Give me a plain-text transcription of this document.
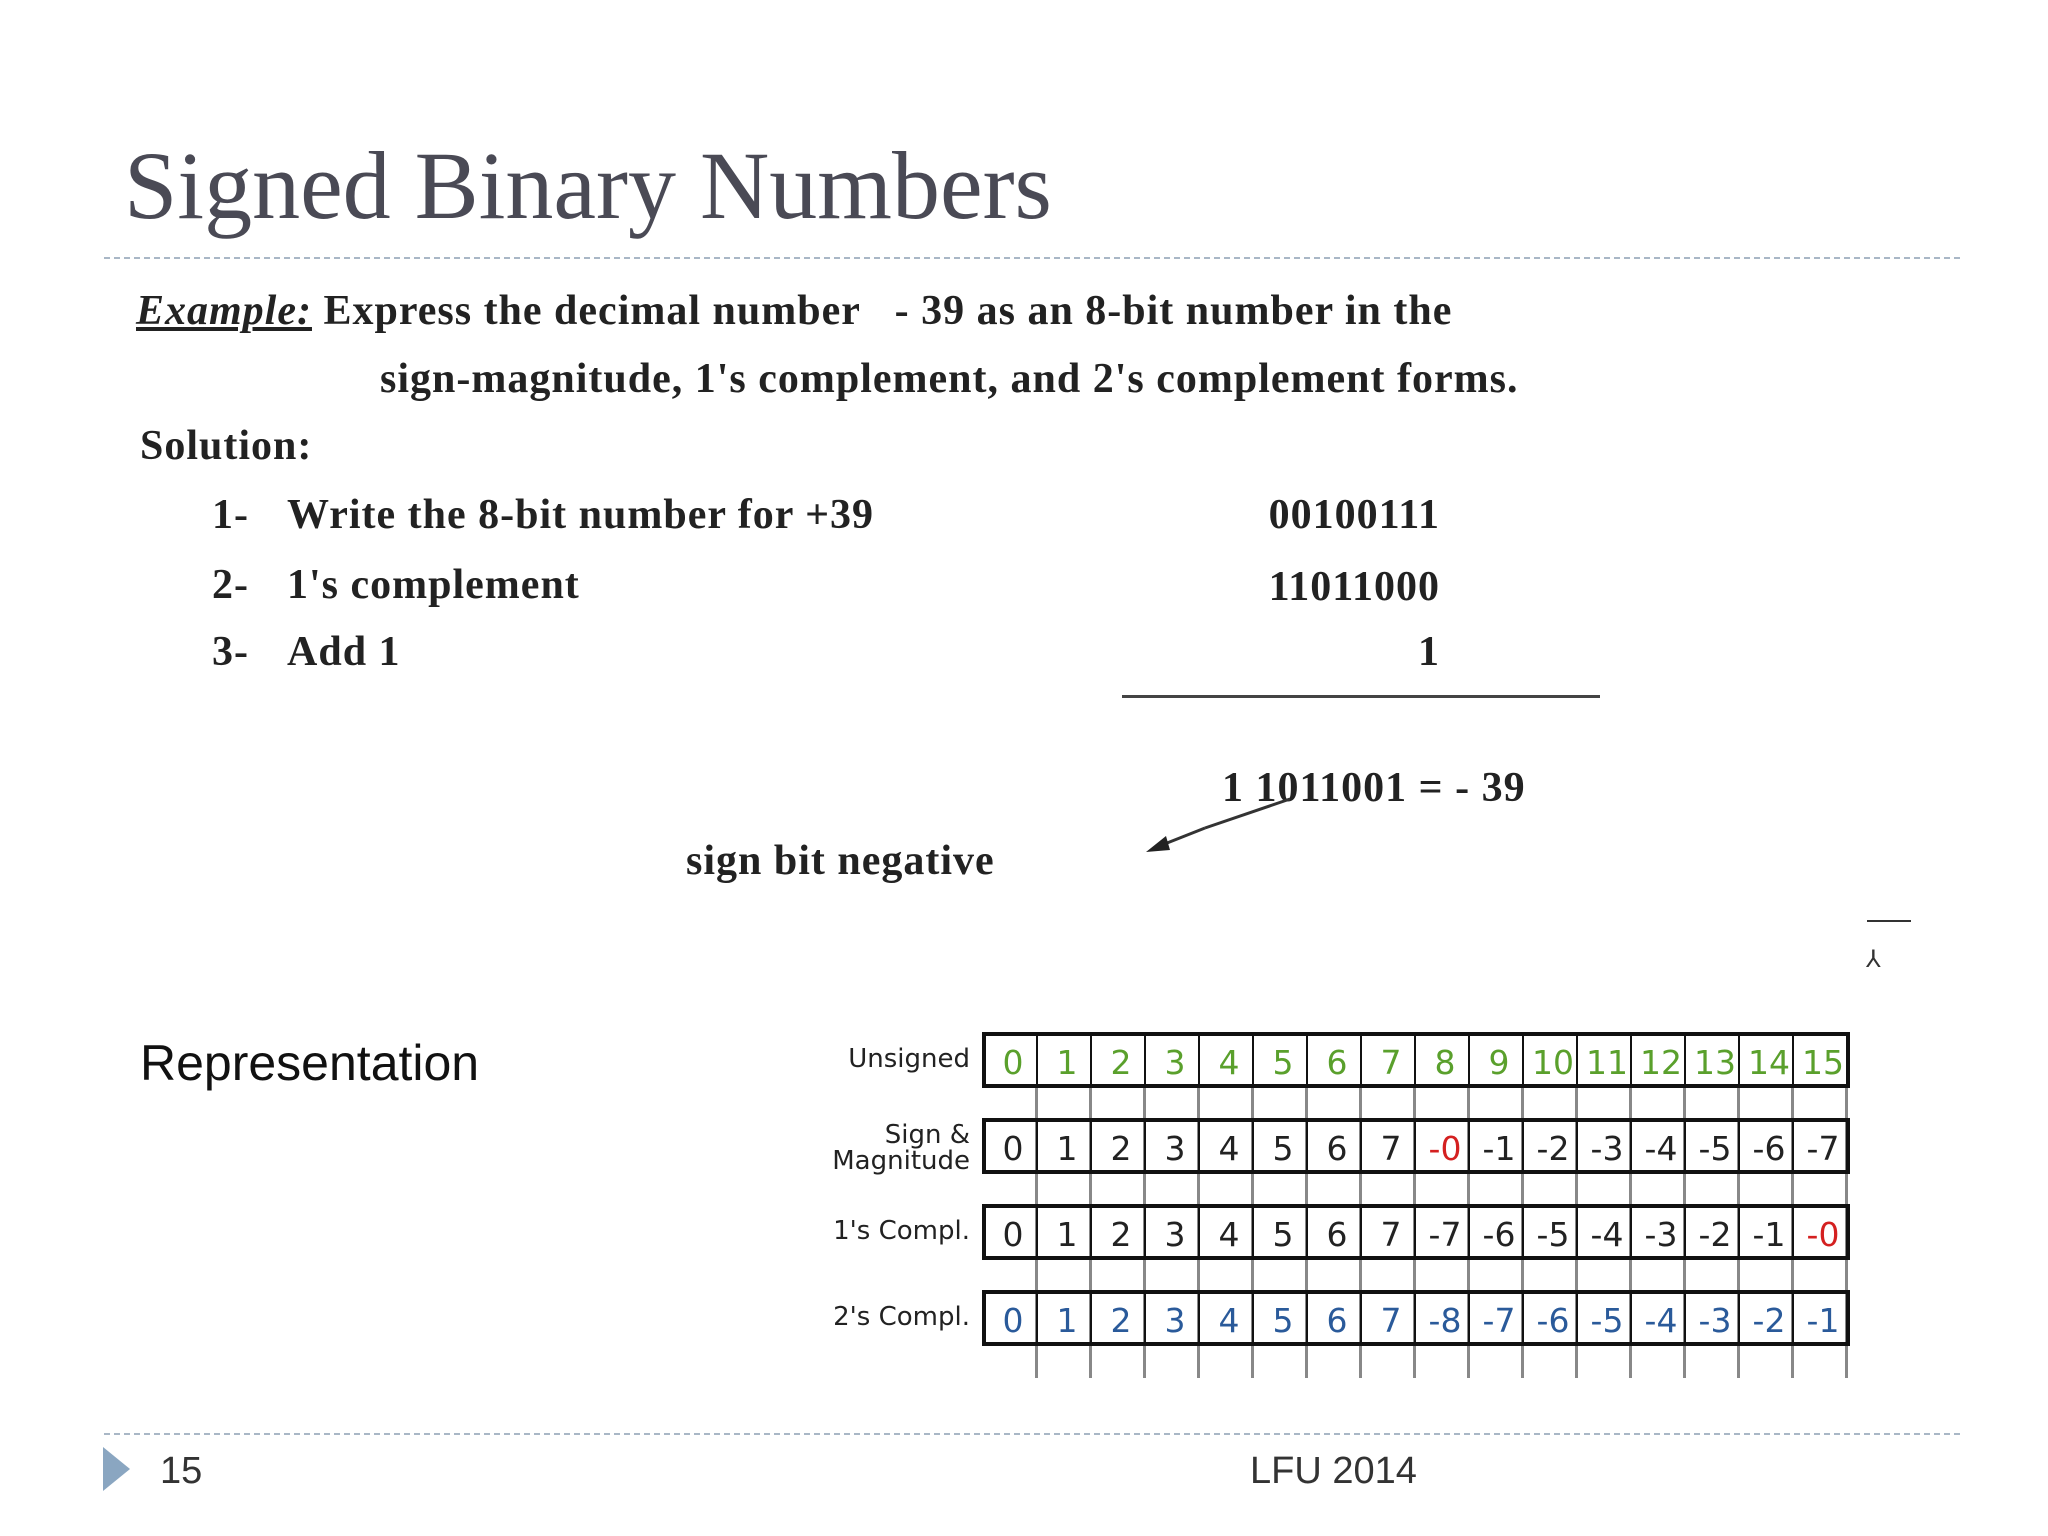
Signed Binary Numbers
Example: Express the decimal number   - 39 as an 8-bit number in the
sign-magnitude, 1's complement, and 2's complement forms.
Solution:
1- Write the 8-bit number for +39	00100111
2- 1's complement	11011000
3- Add 1	1
1 1011001 = - 39
sign bit negative
⅄
Representation	Unsigned 0	1	2	3	4	5	6	7	8	9 10 11 12 13 14 15
Sign &
Magnitude 0	1	2	3	4	5	6	7 -0 -1 -2 -3 -4 -5 -6 -7
1's Compl. 0	1	2	3	4	5	6	7 -7 -6 -5 -4 -3 -2 -1 -0
2's Compl. 0	1	2	3	4	5	6	7 -8 -7 -6 -5 -4 -3 -2 -1
15	LFU 2014
